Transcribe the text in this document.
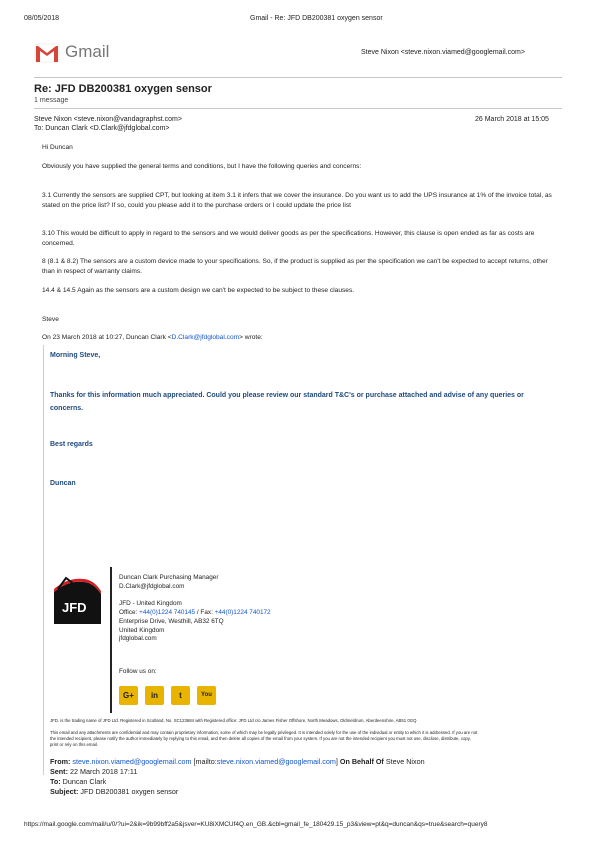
08/05/2018	Gmail - Re: JFD DB200381 oxygen sensor
Gmail	Steve Nixon <steve.nixon.viamed@googlemail.com>
Re: JFD DB200381 oxygen sensor
1 message
Steve Nixon <steve.nixon@vandagraphst.com>
To: Duncan Clark <D.Clark@jfdglobal.com>
26 March 2018 at 15:05
Hi Duncan
Obviously you have supplied the general terms and conditions, but I have the following queries and concerns:
3.1 Currently the sensors are supplied CPT, but looking at item 3.1 it infers that we cover the insurance. Do you want us to add the UPS insurance at 1% of the invoice total, as stated on the price list? If so, could you please add it to the purchase orders or I could update the price list
3.10 This would be difficult to apply in regard to the sensors and we would deliver goods as per the specifications. However, this clause is open ended as far as costs are concerned.
8 (8.1 & 8.2) The sensors are a custom device made to your specifications. So, if the product is supplied as per the specification we can't be expected to accept returns, other than in respect of warranty claims.
14.4 & 14.5 Again as the sensors are a custom design we can't be expected to be subject to these clauses.
Steve
On 23 March 2018 at 10:27, Duncan Clark <D.Clark@jfdglobal.com> wrote:
Morning Steve,
Thanks for this information much appreciated. Could you please review our standard T&C's or purchase attached and advise of any queries or concerns.
Best regards
Duncan
JFD
Duncan Clark Purchasing Manager
D.Clark@jfdglobal.com
JFD - United Kingdom
Office: +44(0)1224 740145 / Fax: +44(0)1224 740172
Enterprise Drive, Westhill, AB32 6TQ
United Kingdom
jfdglobal.com
Follow us on:
G+	in	t	You
JFD. is the trading name of JFD Ltd. Registered in Scotland, No. SC123684 with Registered office: JFD Ltd c/o James Fisher Offshore, North Meadows, Oldmeldrum, Aberdeenshire, AB51 0GQ
This email and any attachments are confidential and may contain proprietary information, some of which may be legally privileged. It is intended solely for the use of the individual or entity to which it is addressed. If you are not
the intended recipient, please notify the author immediately by replying to this email, and then delete all copies of the email from your system. If you are not the intended recipient you must not use, disclose, distribute, copy,
print or rely on this email.
From: steve.nixon.viamed@googlemail.com [mailto:steve.nixon.viamed@googlemail.com] On Behalf Of Steve Nixon
Sent: 22 March 2018 17:11
To: Duncan Clark
Subject: JFD DB200381 oxygen sensor
https://mail.google.com/mail/u/0/?ui=2&ik=9b99bff2a5&jsver=KU8iXMCUf4Q.en_GB.&cbl=gmail_fe_180429.15_p3&view=pt&q=duncan&qs=true&search=query8
